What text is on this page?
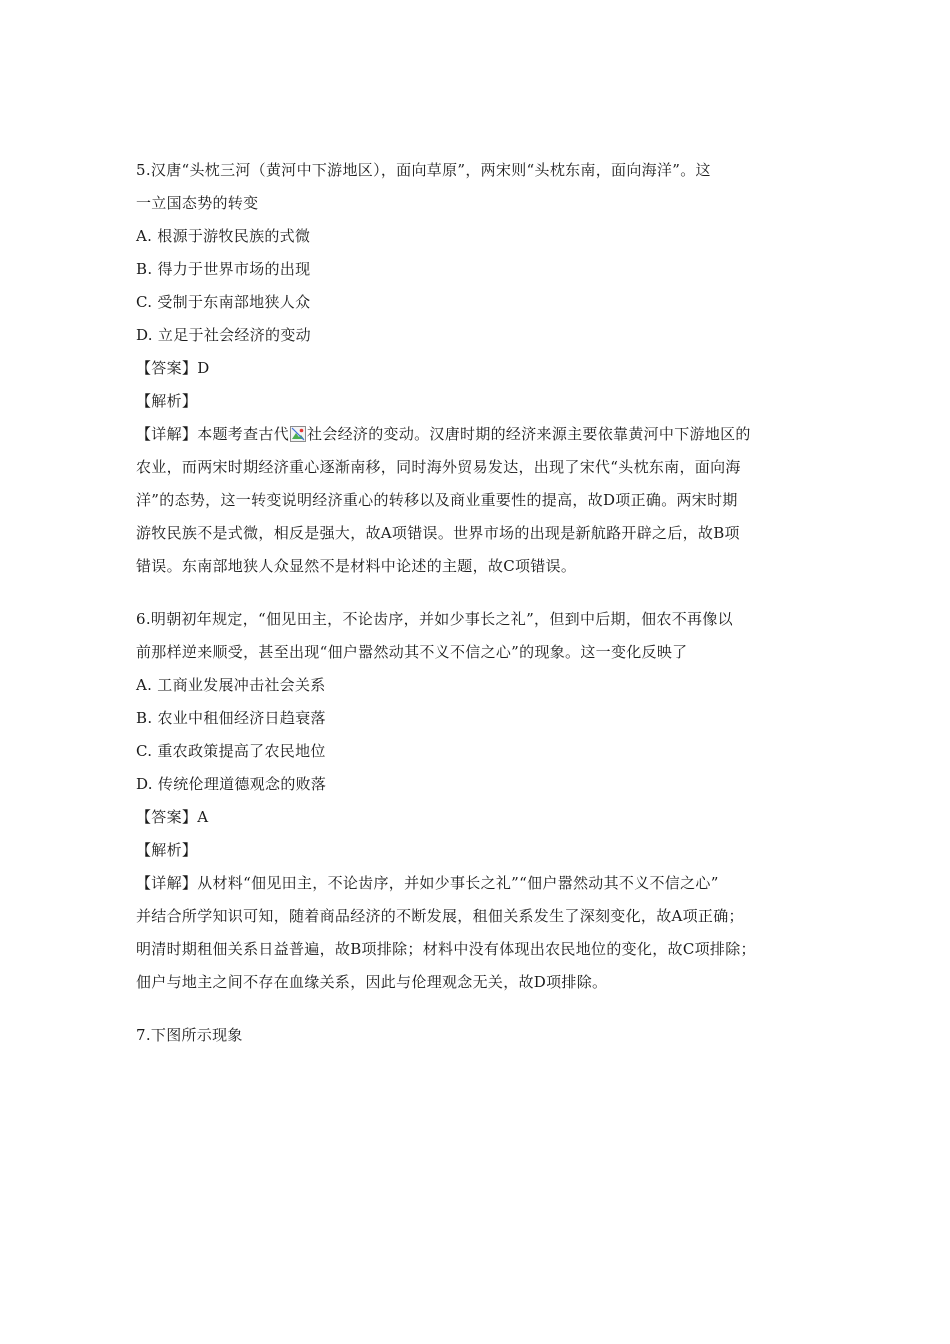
5.汉唐“头枕三河（黄河中下游地区），面向草原”，两宋则“头枕东南，面向海洋”。这
一立国态势的转变
A. 根源于游牧民族的式微
B. 得力于世界市场的出现
C. 受制于东南部地狭人众
D. 立足于社会经济的变动
【答案】D
【解析】
【详解】本题考查古代 社会经济的变动。汉唐时期的经济来源主要依靠黄河中下游地区的
农业，而两宋时期经济重心逐渐南移，同时海外贸易发达，出现了宋代“头枕东南，面向海
洋”的态势，这一转变说明经济重心的转移以及商业重要性的提高，故D项正确。两宋时期
游牧民族不是式微，相反是强大，故A项错误。世界市场的出现是新航路开辟之后，故B项
错误。东南部地狭人众显然不是材料中论述的主题，故C项错误。
6.明朝初年规定，“佃见田主，不论齿序，并如少事长之礼”，但到中后期，佃农不再像以
前那样逆来顺受，甚至出现“佃户嚣然动其不义不信之心”的现象。这一变化反映了
A. 工商业发展冲击社会关系
B. 农业中租佃经济日趋衰落
C. 重农政策提高了农民地位
D. 传统伦理道德观念的败落
【答案】A
【解析】
【详解】从材料“佃见田主，不论齿序，并如少事长之礼”“佃户嚣然动其不义不信之心”
并结合所学知识可知，随着商品经济的不断发展，租佃关系发生了深刻变化，故A项正确；
明清时期租佃关系日益普遍，故B项排除；材料中没有体现出农民地位的变化，故C项排除；
佃户与地主之间不存在血缘关系，因此与伦理观念无关，故D项排除。
7.下图所示现象
